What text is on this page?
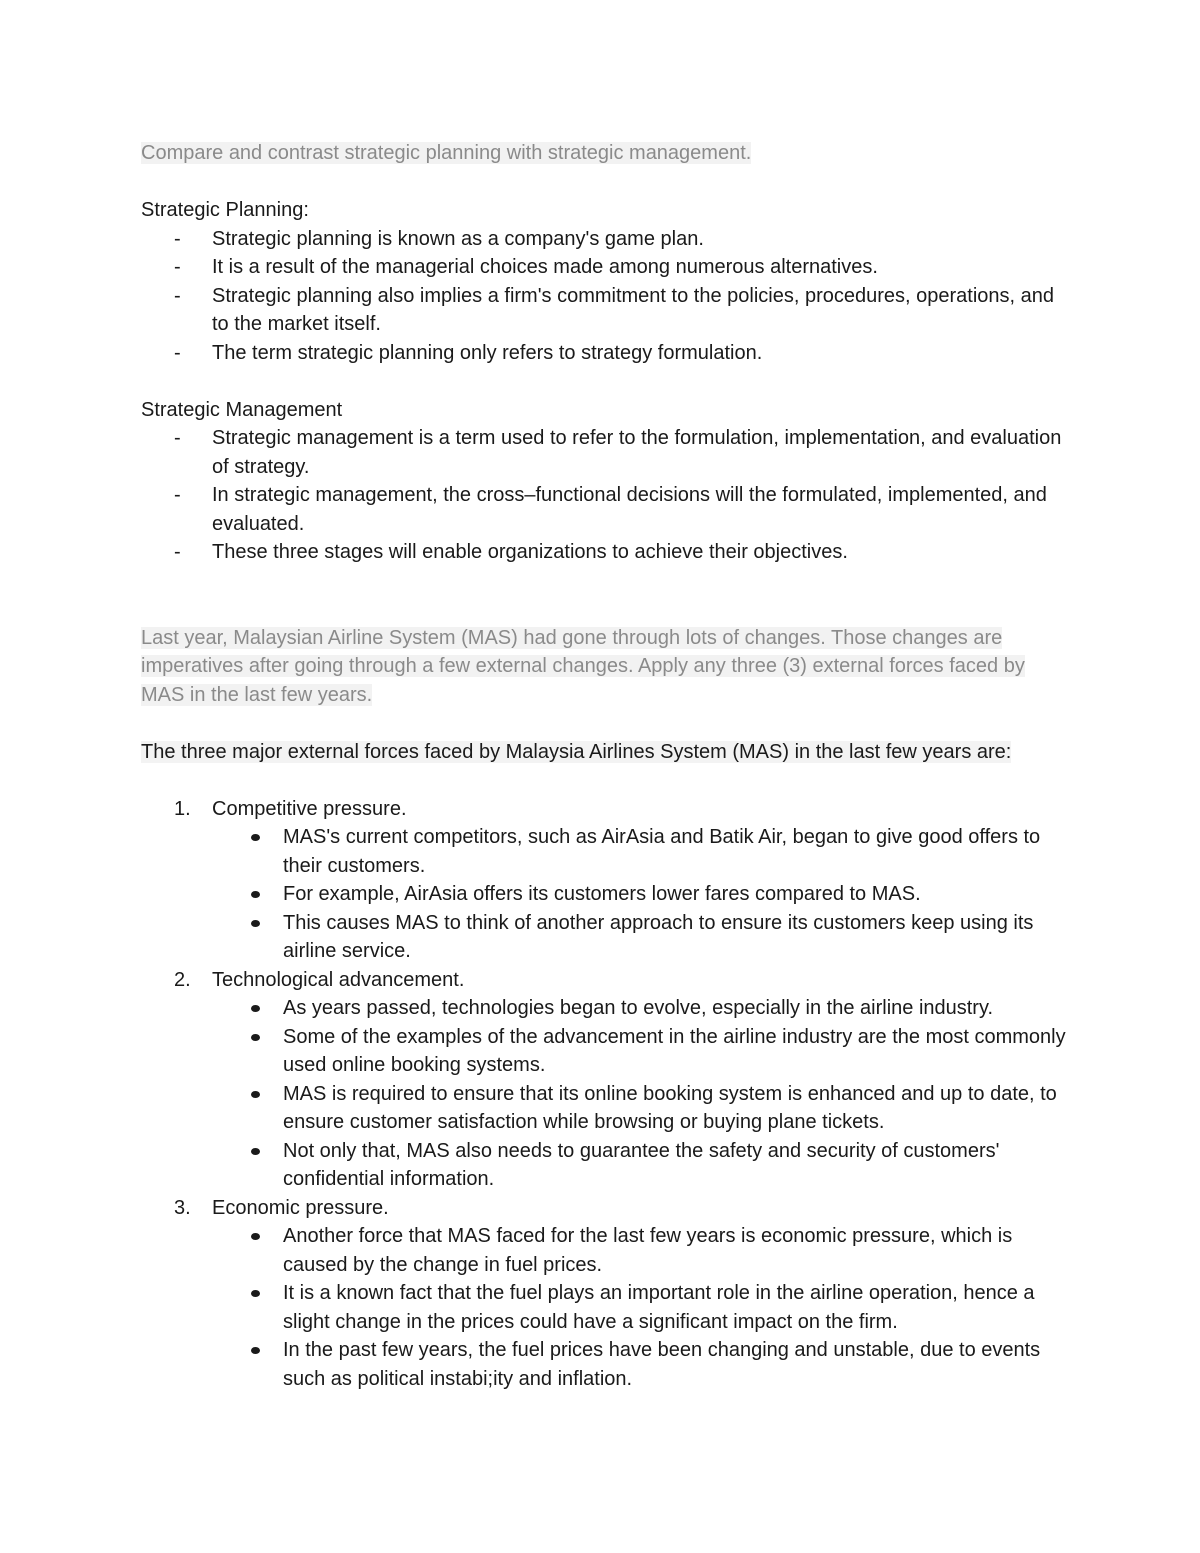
Compare and contrast strategic planning with strategic management.

Strategic Planning:

- Strategic planning is known as a company's game plan.
- It is a result of the managerial choices made among numerous alternatives.
- Strategic planning also implies a firm's commitment to the policies, procedures, operations, and to the market itself.
- The term strategic planning only refers to strategy formulation.

Strategic Management

- Strategic management is a term used to refer to the formulation, implementation, and evaluation of strategy.
- In strategic management, the cross–functional decisions will the formulated, implemented, and evaluated.
- These three stages will enable organizations to achieve their objectives.

Last year, Malaysian Airline System (MAS) had gone through lots of changes. Those changes are imperatives after going through a few external changes. Apply any three (3) external forces faced by MAS in the last few years.

The three major external forces faced by Malaysia Airlines System (MAS) in the last few years are:

1. Competitive pressure.
MAS's current competitors, such as AirAsia and Batik Air, began to give good offers to their customers.
For example, AirAsia offers its customers lower fares compared to MAS.
This causes MAS to think of another approach to ensure its customers keep using its airline service.
2. Technological advancement.
As years passed, technologies began to evolve, especially in the airline industry.
Some of the examples of the advancement in the airline industry are the most commonly used online booking systems.
MAS is required to ensure that its online booking system is enhanced and up to date, to ensure customer satisfaction while browsing or buying plane tickets.
Not only that, MAS also needs to guarantee the safety and security of customers' confidential information.
3. Economic pressure.
Another force that MAS faced for the last few years is economic pressure, which is caused by the change in fuel prices.
It is a known fact that the fuel plays an important role in the airline operation, hence a slight change in the prices could have a significant impact on the firm.
In the past few years, the fuel prices have been changing and unstable, due to events such as political instabi;ity and inflation.
